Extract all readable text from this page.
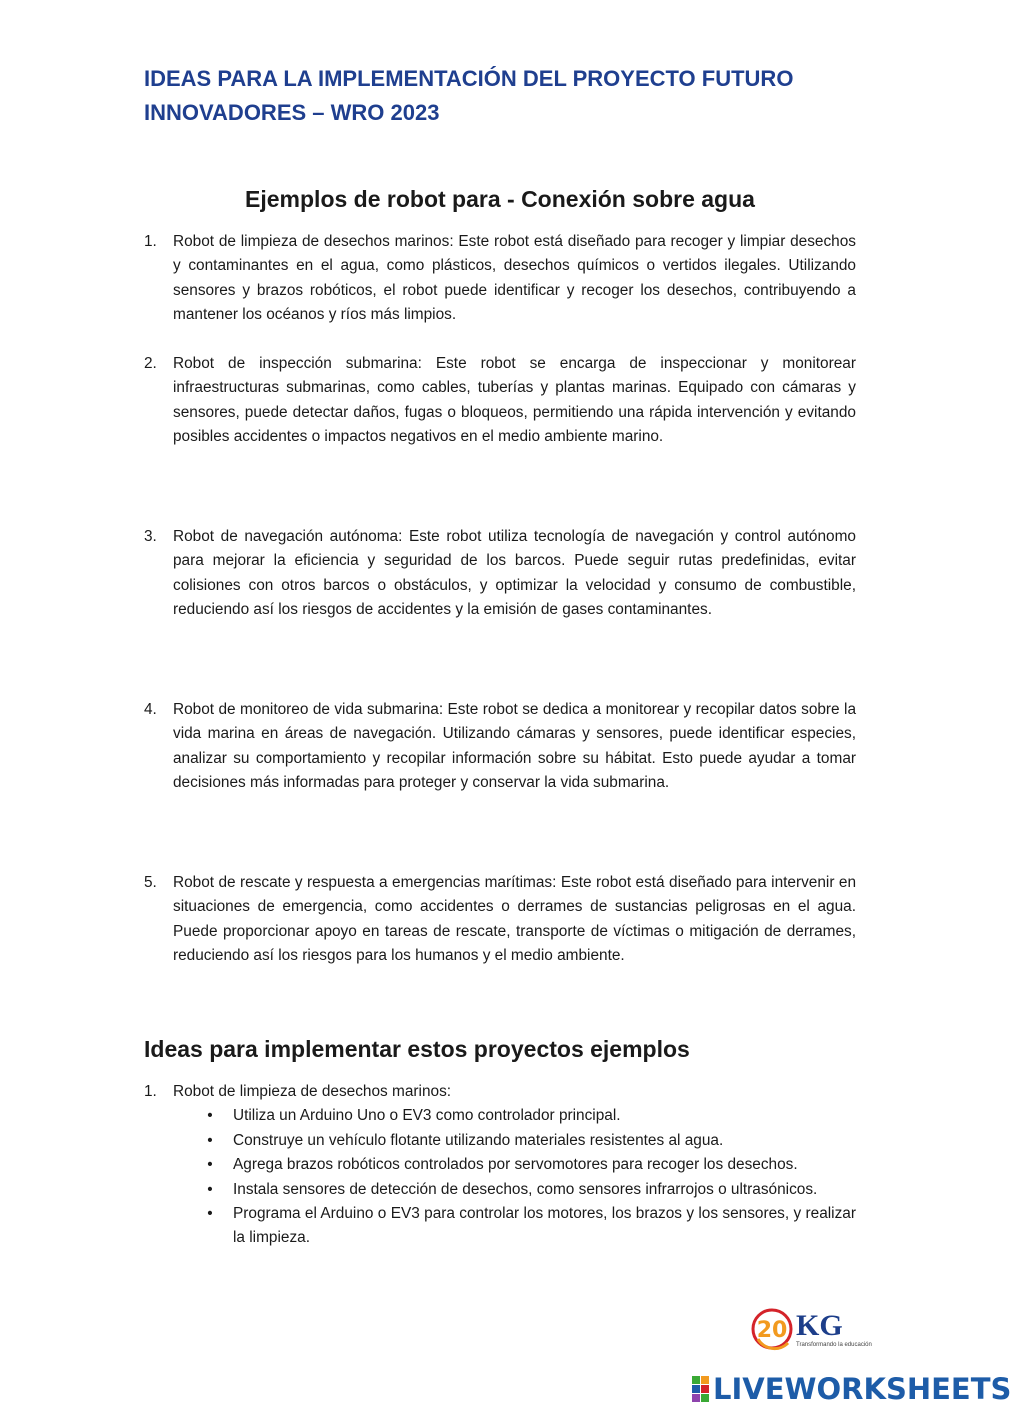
IDEAS PARA LA IMPLEMENTACIÓN DEL PROYECTO FUTURO INNOVADORES – WRO 2023
Ejemplos de robot para - Conexión sobre agua
1. Robot de limpieza de desechos marinos: Este robot está diseñado para recoger y limpiar desechos y contaminantes en el agua, como plásticos, desechos químicos o vertidos ilegales. Utilizando sensores y brazos robóticos, el robot puede identificar y recoger los desechos, contribuyendo a mantener los océanos y ríos más limpios.
2. Robot de inspección submarina: Este robot se encarga de inspeccionar y monitorear infraestructuras submarinas, como cables, tuberías y plantas marinas. Equipado con cámaras y sensores, puede detectar daños, fugas o bloqueos, permitiendo una rápida intervención y evitando posibles accidentes o impactos negativos en el medio ambiente marino.
3. Robot de navegación autónoma: Este robot utiliza tecnología de navegación y control autónomo para mejorar la eficiencia y seguridad de los barcos. Puede seguir rutas predefinidas, evitar colisiones con otros barcos o obstáculos, y optimizar la velocidad y consumo de combustible, reduciendo así los riesgos de accidentes y la emisión de gases contaminantes.
4. Robot de monitoreo de vida submarina: Este robot se dedica a monitorear y recopilar datos sobre la vida marina en áreas de navegación. Utilizando cámaras y sensores, puede identificar especies, analizar su comportamiento y recopilar información sobre su hábitat. Esto puede ayudar a tomar decisiones más informadas para proteger y conservar la vida submarina.
5. Robot de rescate y respuesta a emergencias marítimas: Este robot está diseñado para intervenir en situaciones de emergencia, como accidentes o derrames de sustancias peligrosas en el agua. Puede proporcionar apoyo en tareas de rescate, transporte de víctimas o mitigación de derrames, reduciendo así los riesgos para los humanos y el medio ambiente.
Ideas para implementar estos proyectos ejemplos
1. Robot de limpieza de desechos marinos:
• Utiliza un Arduino Uno o EV3 como controlador principal.
• Construye un vehículo flotante utilizando materiales resistentes al agua.
• Agrega brazos robóticos controlados por servomotores para recoger los desechos.
• Instala sensores de detección de desechos, como sensores infrarrojos o ultrasónicos.
• Programa el Arduino o EV3 para controlar los motores, los brazos y los sensores, y realizar la limpieza.
20 KG
Transformando la educación
LIVEWORKSHEETS
